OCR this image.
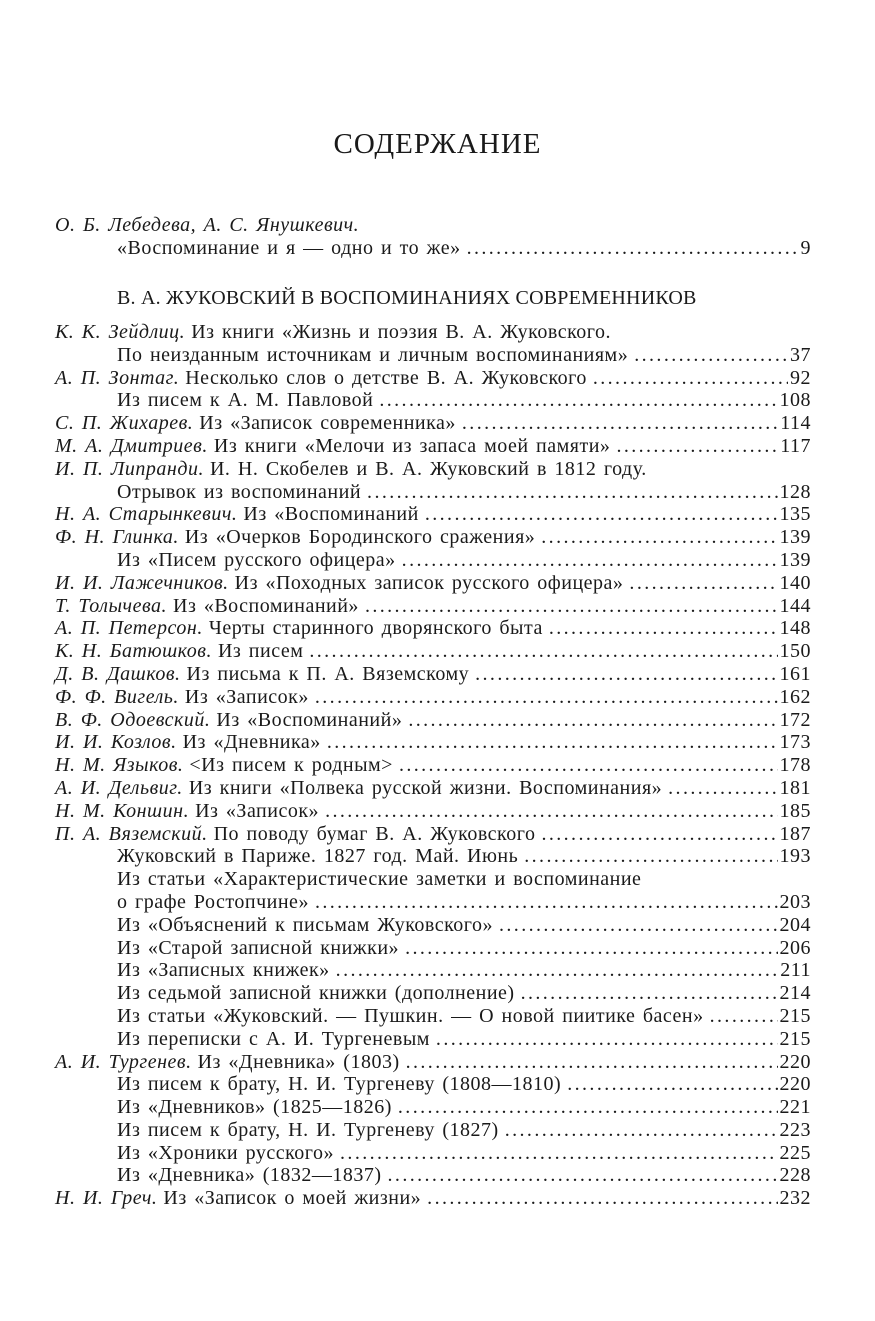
СОДЕРЖАНИЕ
О. Б. Лебедева, А. С. Янушкевич.
«Воспоминание и я — одно и то же» .....	9
В. А. ЖУКОВСКИЙ В ВОСПОМИНАНИЯХ СОВРЕМЕННИКОВ
К. К. Зейдлиц. Из книги «Жизнь и поэзия В. А. Жуковского.
По неизданным источникам и личным воспоминаниям» .....	37
А. П. Зонтаг. Несколько слов о детстве В. А. Жуковского .....	92
Из писем к А. М. Павловой .....	108
С. П. Жихарев. Из «Записок современника» .....	114
М. А. Дмитриев. Из книги «Мелочи из запаса моей памяти» .....	117
И. П. Липранди. И. Н. Скобелев и В. А. Жуковский в 1812 году.
Отрывок из воспоминаний .....	128
Н. А. Старынкевич. Из «Воспоминаний .....	135
Ф. Н. Глинка. Из «Очерков Бородинского сражения» .....	139
Из «Писем русского офицера» .....	139
И. И. Лажечников. Из «Походных записок русского офицера» .....	140
Т. Толычева. Из «Воспоминаний» .....	144
А. П. Петерсон. Черты старинного дворянского быта .....	148
К. Н. Батюшков. Из писем .....	150
Д. В. Дашков. Из письма к П. А. Вяземскому .....	161
Ф. Ф. Вигель. Из «Записок» .....	162
В. Ф. Одоевский. Из «Воспоминаний» .....	172
И. И. Козлов. Из «Дневника» .....	173
Н. М. Языков. <Из писем к родным> .....	178
А. И. Дельвиг. Из книги «Полвека русской жизни. Воспоминания» .....	181
Н. М. Коншин. Из «Записок» .....	185
П. А. Вяземский. По поводу бумаг В. А. Жуковского .....	187
Жуковский в Париже. 1827 год. Май. Июнь .....	193
Из статьи «Характеристические заметки и воспоминание
о графе Ростопчине» .....	203
Из «Объяснений к письмам Жуковского» .....	204
Из «Старой записной книжки» .....	206
Из «Записных книжек» .....	211
Из седьмой записной книжки (дополнение) .....	214
Из статьи «Жуковский. — Пушкин. — О новой пиитике басен» .....	215
Из переписки с А. И. Тургеневым .....	215
А. И. Тургенев. Из «Дневника» (1803) .....	220
Из писем к брату, Н. И. Тургеневу (1808—1810) .....	220
Из «Дневников» (1825—1826) .....	221
Из писем к брату, Н. И. Тургеневу (1827) .....	223
Из «Хроники русского» .....	225
Из «Дневника» (1832—1837) .....	228
Н. И. Греч. Из «Записок о моей жизни» .....	232
